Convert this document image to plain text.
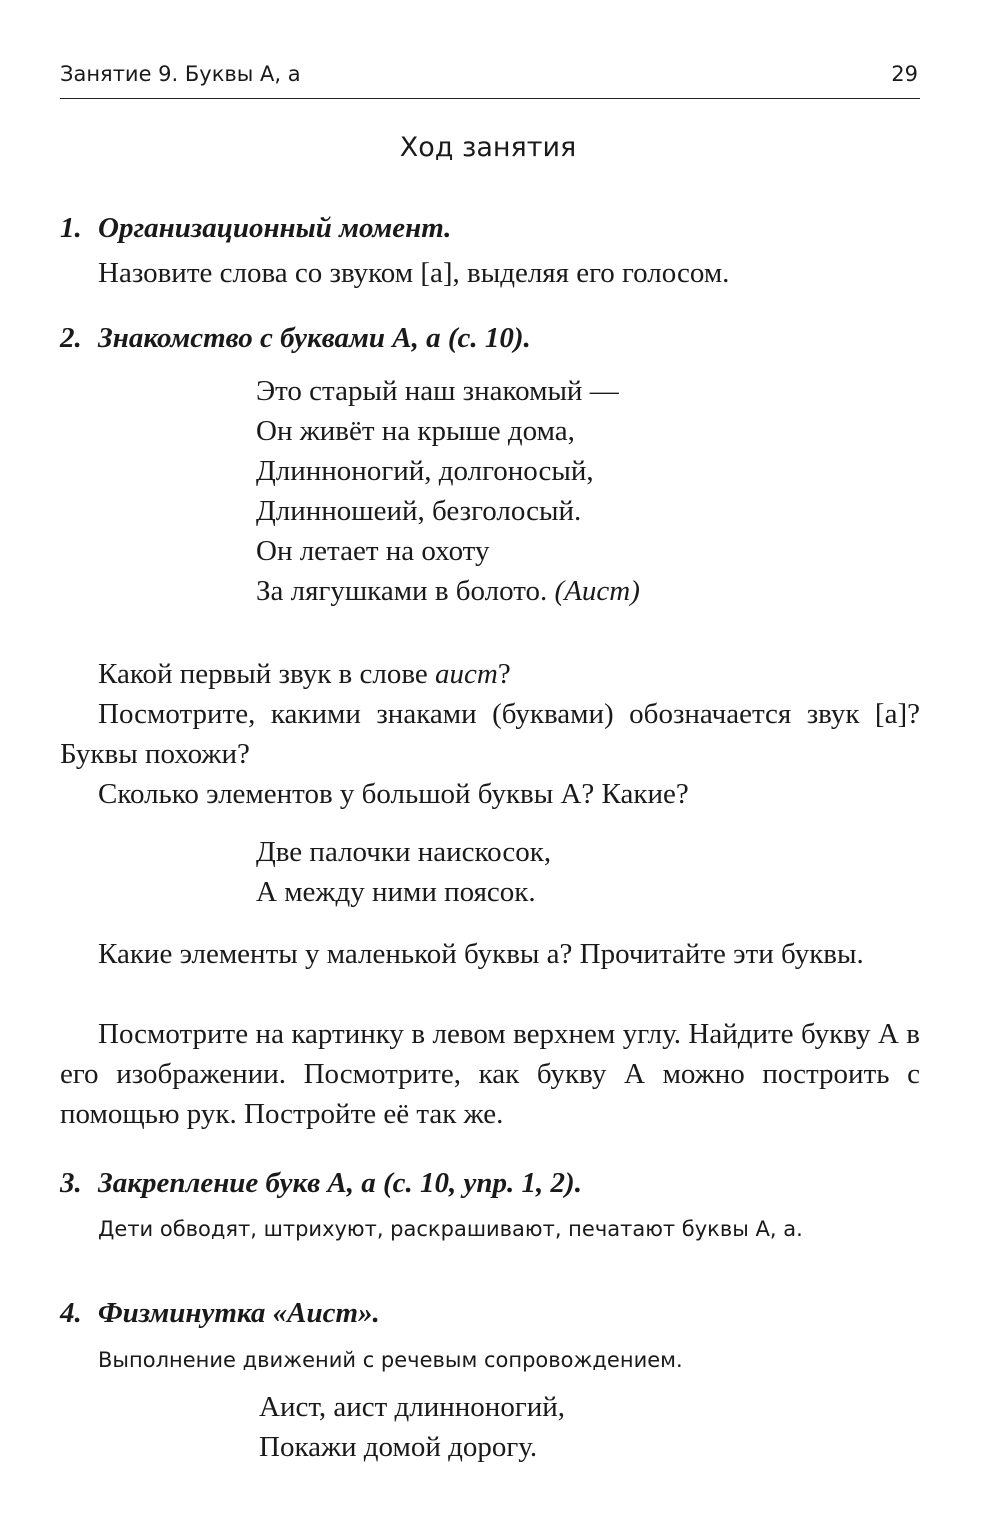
Занятие 9. Буквы А, а	29
Ход занятия
1. Организационный момент.
Назовите слова со звуком [а], выделяя его голосом.
2. Знакомство с буквами А, а (с. 10).
Это старый наш знакомый —
Он живёт на крыше дома,
Длинноногий, долгоносый,
Длинношеий, безголосый.
Он летает на охоту
За лягушками в болото. (Аист)
Какой первый звук в слове аист?

Посмотрите, какими знаками (буквами) обозначается звук [а]? Буквы похожи?

Сколько элементов у большой буквы А? Какие?
Две палочки наискосок,
А между ними поясок.

Какие элементы у маленькой буквы а? Прочитайте эти буквы.

Посмотрите на картинку в левом верхнем углу. Найдите букву А в его изображении. Посмотрите, как букву А можно построить с помощью рук. Постройте её так же.

3. Закрепление букв А, а (с. 10, упр. 1, 2).
Дети обводят, штрихуют, раскрашивают, печатают буквы А, а.
4. Физминутка «Аист».
Выполнение движений с речевым сопровождением.
Аист, аист длинноногий,
Покажи домой дорогу.
